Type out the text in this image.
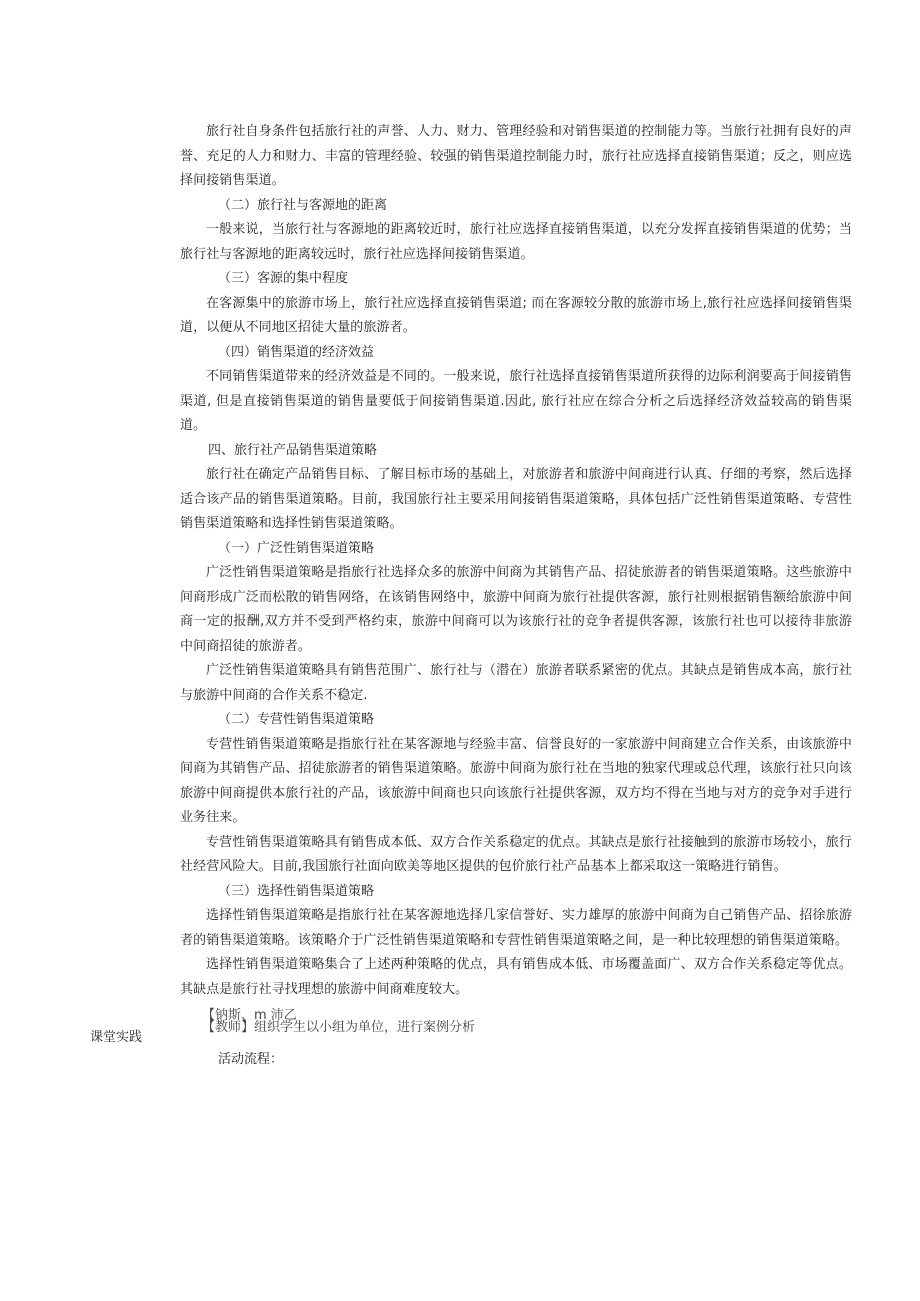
旅行社自身条件包括旅行社的声誉、人力、财力、管理经验和对销售渠道的控制能力等。当旅行社拥有良好的声誉、充足的人力和财力、丰富的管理经验、较强的销售渠道控制能力时，旅行社应选择直接销售渠道；反之，则应选择间接销售渠道。

（二）旅行社与客源地的距离

一般来说，当旅行社与客源地的距离较近时，旅行社应选择直接销售渠道，以充分发挥直接销售渠道的优势；当旅行社与客源地的距离较远时，旅行社应选择间接销售渠道。

（三）客源的集中程度

在客源集中的旅游市场上，旅行社应选择直接销售渠道; 而在客源较分散的旅游市场上,旅行社应选择间接销售渠道，以便从不同地区招徒大量的旅游者。

（四）销售渠道的经济效益

不同销售渠道带来的经济效益是不同的。一般来说，旅行社选择直接销售渠道所获得的边际利润要高于间接销售渠道, 但是直接销售渠道的销售量要低于间接销售渠道.因此, 旅行社应在综合分析之后选择经济效益较高的销售渠道。

四、旅行社产品销售渠道策略

旅行社在确定产品销售目标、了解目标市场的基础上，对旅游者和旅游中间商进行认真、仔细的考察，然后选择适合该产品的销售渠道策略。目前，我国旅行社主要采用间接销售渠道策略，具体包括广泛性销售渠道策略、专营性销售渠道策略和选择性销售渠道策略。

（一）广泛性销售渠道策略

广泛性销售渠道策略是指旅行社选择众多的旅游中间商为其销售产品、招徒旅游者的销售渠道策略。这些旅游中间商形成广泛而松散的销售网络，在该销售网络中，旅游中间商为旅行社提供客源，旅行社则根据销售额给旅游中间商一定的报酬,双方并不受到严格约束，旅游中间商可以为该旅行社的竞争者提供客源，该旅行社也可以接待非旅游中间商招徒的旅游者。

广泛性销售渠道策略具有销售范围广、旅行社与（潜在）旅游者联系紧密的优点。其缺点是销售成本高，旅行社与旅游中间商的合作关系不稳定.

（二）专营性销售渠道策略

专营性销售渠道策略是指旅行社在某客源地与经验丰富、信誉良好的一家旅游中间商建立合作关系，由该旅游中间商为其销售产品、招徒旅游者的销售渠道策略。旅游中间商为旅行社在当地的独家代理或总代理，该旅行社只向该旅游中间商提供本旅行社的产品，该旅游中间商也只向该旅行社提供客源，双方均不得在当地与对方的竞争对手进行业务往来。

专营性销售渠道策略具有销售成本低、双方合作关系稳定的优点。其缺点是旅行社接触到的旅游市场较小，旅行社经营风险大。目前,我国旅行社面向欧美等地区提供的包价旅行社产品基本上都采取这一策略进行销售。

（三）选择性销售渠道策略

选择性销售渠道策略是指旅行社在某客源地选择几家信誉好、实力雄厚的旅游中间商为自己销售产品、招徐旅游者的销售渠道策略。该策略介于广泛性销售渠道策略和专营性销售渠道策略之间，是一种比较理想的销售渠道策略。

选择性销售渠道策略集合了上述两种策略的优点，具有销售成本低、市场覆盖面广、双方合作关系稳定等优点。其缺点是旅行社寻找理想的旅游中间商难度较大。

【钠斯、m 沛乙

课堂实践
【教师】组织学生以小组为单位，进行案例分析
活动流程：
